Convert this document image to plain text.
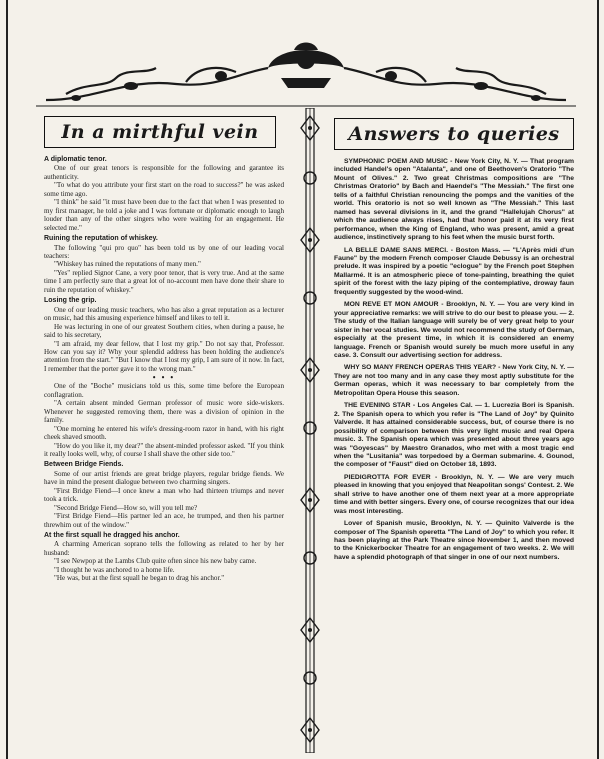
In a mirthful vein
A diplomatic tenor.

One of our great tenors is responsible for the following and garantee its authenticity.

"To what do you attribute your first start on the road to success?" he was asked some time ago.

"I think" he said "it must have been due to the fact that when I was presented to my first manager, he told a joke and I was fortunate or diplomatic enough to laugh louder than any of the other singers who were waiting for an engagement. He selected me."

Ruining the reputation of whiskey.

The following "qui pro quo" has been told us by one of our leading vocal teachers:

"Whiskey has ruined the reputations of many men."

"Yes" replied Signor Cane, a very poor tenor, that is very true. And at the same time I am perfectly sure that a great lot of no-account men have done their share to ruin the reputation of whiskey."

Losing the grip.

One of our leading music teachers, who has also a great reputation as a lecturer on music, had this amusing experience himself and likes to tell it.

He was lecturing in one of our greatest Southern cities, when during a pause, he said to his secretary,

"I am afraid, my dear fellow, that I lost my grip." Do not say that, Professor. How can you say it? Why your splendid address has been holding the audience's attention from the start." "But I know that I lost my grip, I am sure of it now. In fact, I remember that the porter gave it to the wrong man."

• • •

One of the "Boche" musicians told us this, some time before the European conflagration.

"A certain absent minded German professor of music wore side-wiskers. Whenever he suggested removing them, there was a division of opinion in the family.

"One morning he entered his wife's dressing-room razor in hand, with his right cheek shaved smooth.

"How do you like it, my dear?" the absent-minded professor asked. "If you think it really looks well, why, of course I shall shave the other side too."

Between Bridge Fiends.

Some of our artist friends are great bridge players, regular bridge fiends. We have in mind the present dialogue between two charming singers.

"First Bridge Fiend—I once knew a man who had thirteen triumps and never took a trick.

"Second Bridge Fiend—How so, will you tell me?

"First Bridge Fiend—His partner led an ace, he trumped, and then his partner threwhim out of the window."

At the first squall he dragged his anchor.

A charming American soprano tells the following as related to her by her husband:

"I see Newpop at the Lambs Club quite often since his new baby came.

"I thought he was anchored to a home life.

"He was, but at the first squall he began to drag his anchor."

Answers to queries

SYMPHONIC POEM AND MUSIC - New York City, N. Y. — That program included Handel's open "Atalanta", and one of Beethoven's Oratorio "The Mount of Olives." 2. Two great Christmas compositions are "The Christmas Oratorio" by Bach and Haendel's "The Messiah." The first one tells of a faithful Christian renouncing the pomps and the vanities of the world. This oratorio is not so well known as "The Messiah." This last named has several divisions in it, and the grand "Hallelujah Chorus" at which the audience always rises, had that honor paid it at its very first performance, when the King of England, who was present, amid a great audience, instinctively sprang to his feet when the music burst forth.

LA BELLE DAME SANS MERCI. - Boston Mass. — "L'Après midi d'un Faune" by the modern French composer Claude Debussy is an orchestral prelude. It was inspired by a poetic "eclogue" by the French poet Stephen Mallarmé. It is an atmospheric piece of tone-painting, breathing the quiet spirit of the forest with the lazy piping of the contemplative, droway faun frequently suggested by the wood-wind.

MON REVE ET MON AMOUR - Brooklyn, N. Y. — You are very kind in your appreciative remarks: we will strive to do our best to please you. — 2. The study of the Italian language will surely be of very great help to your sister in her vocal studies. We would not recommend the study of German, especially at the present time, in which it is considered an enemy language. French or Spanish would surely be much more useful in any case. 3. Consult our advertising section for address.

WHY SO MANY FRENCH OPERAS THIS YEAR? - New York City, N. Y. — They are not too many and in any case they most aptly substitute for the German operas, which it was necessary to bar completely from the Metropolitan Opera House this season.

THE EVENING STAR - Los Angeles Cal. — 1. Lucrezia Bori is Spanish. 2. The Spanish opera to which you refer is "The Land of Joy" by Quinito Valverde. It has attained considerable success, but, of course there is no possibility of comparison between this very light music and real Opera music. 3. The Spanish opera which was presented about three years ago was "Goyescas" by Maestro Granados, who met with a most tragic end when the "Lusitania" was torpedoed by a German submarine. 4. Gounod, the composer of "Faust" died on October 18, 1893.

PIEDIGROTTA FOR EVER - Brooklyn, N. Y. — We are very much pleased in knowing that you enjoyed that Neapolitan songs' Contest. 2. We shall strive to have another one of them next year at a more appropriate time and with better singers. Every one, of course recognizes that our idea was most interesting.

Lover of Spanish music, Brooklyn, N. Y. — Quinito Valverde is the composer of The Spanish operetta "The Land of Joy" to which you refer. It has been playing at the Park Theatre since November 1, and then moved to the Knickerbocker Theatre for an engagement of two weeks. 2. We will have a splendid photograph of that singer in one of our next numbers.
